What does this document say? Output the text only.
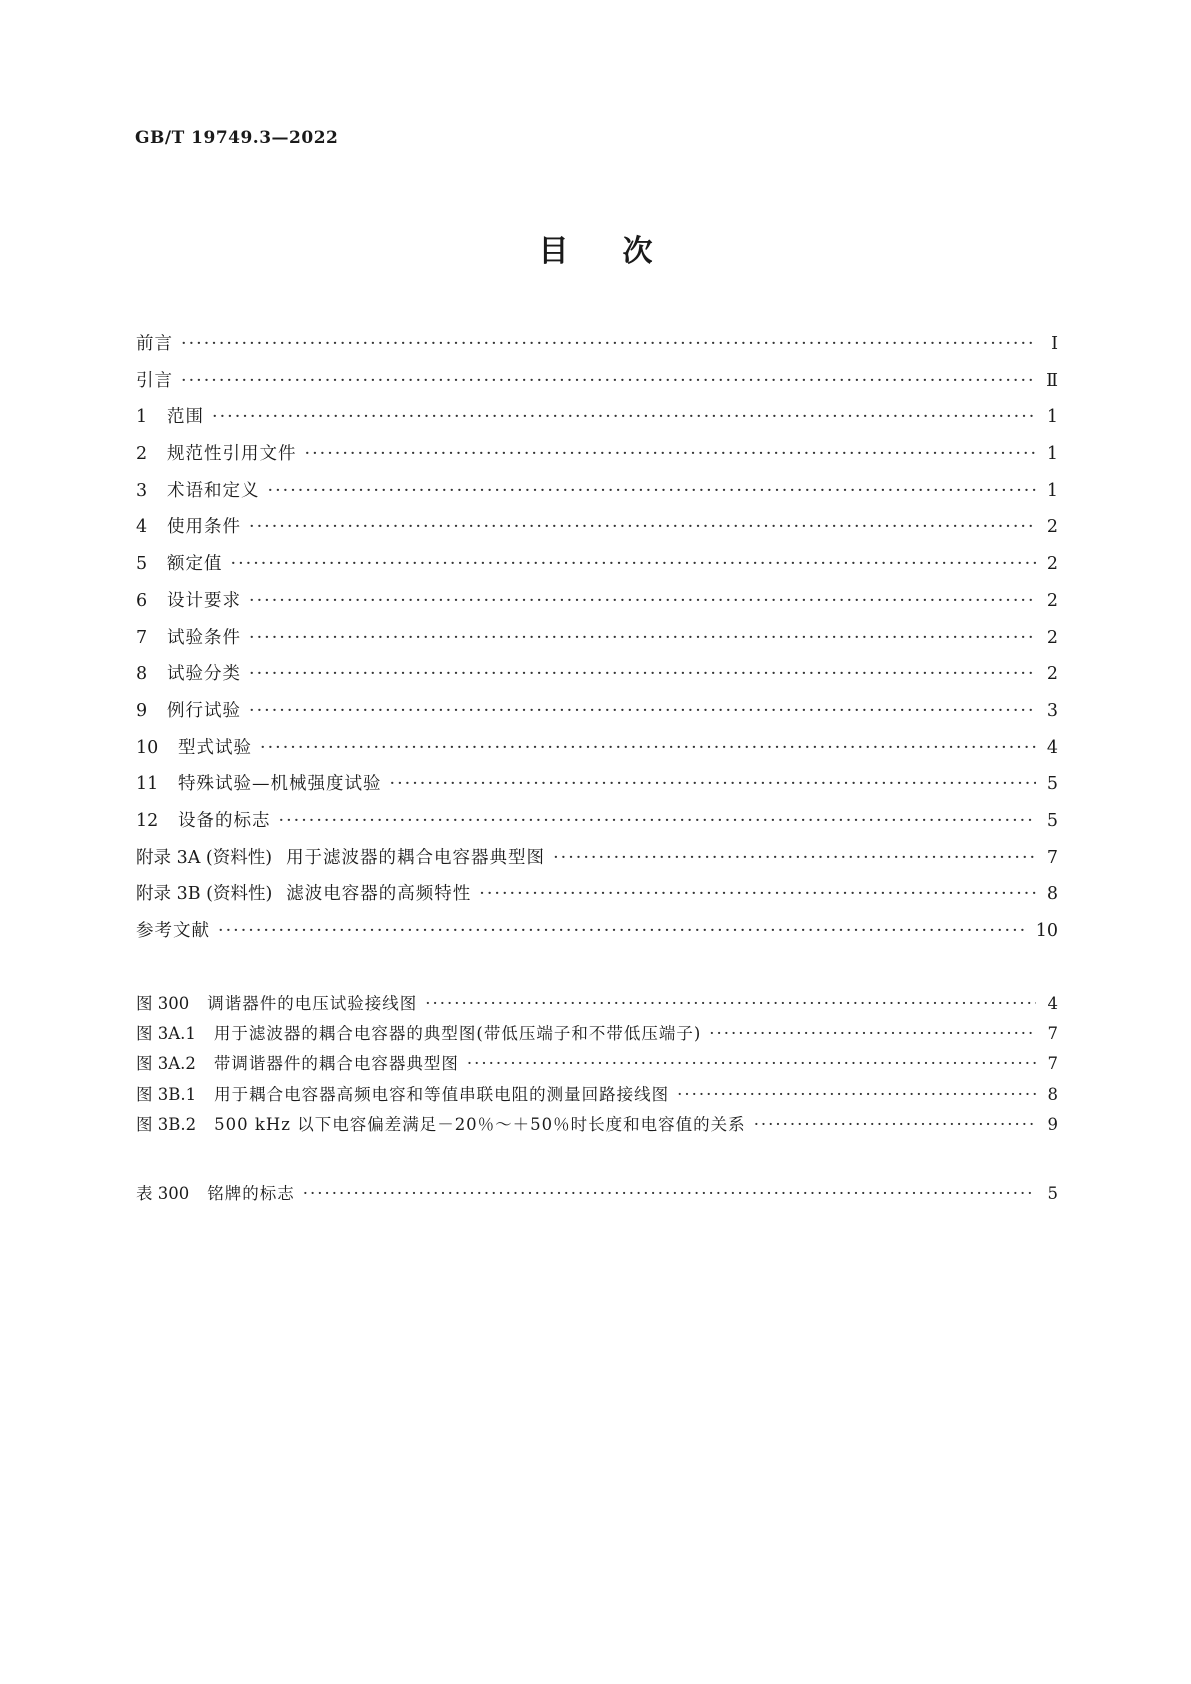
GB/T 19749.3—2022
目次
前言 ·····	Ⅰ
引言 ·····	Ⅱ
1	范围 ·····	1
2	规范性引用文件 ·····	1
3	术语和定义 ·····	1
4	使用条件 ·····	2
5	额定值 ·····	2
6	设计要求 ·····	2
7	试验条件 ·····	2
8	试验分类 ·····	2
9	例行试验 ·····	3
10	型式试验 ·····	4
11	特殊试验—机械强度试验 ·····	5
12	设备的标志 ·····	5
附录 3A (资料性) 用于滤波器的耦合电容器典型图 ·····	7
附录 3B (资料性) 滤波电容器的高频特性 ·····	8
参考文献 ·····	10
图 300 调谐器件的电压试验接线图 ·····	4
图 3A.1 用于滤波器的耦合电容器的典型图(带低压端子和不带低压端子) ·····	7
图 3A.2 带调谐器件的耦合电容器典型图 ·····	7
图 3B.1 用于耦合电容器高频电容和等值串联电阻的测量回路接线图 ·····	8
图 3B.2 500 kHz 以下电容偏差满足－20％～＋50％时长度和电容值的关系 ·····	9
表 300 铭牌的标志 ·····	5
